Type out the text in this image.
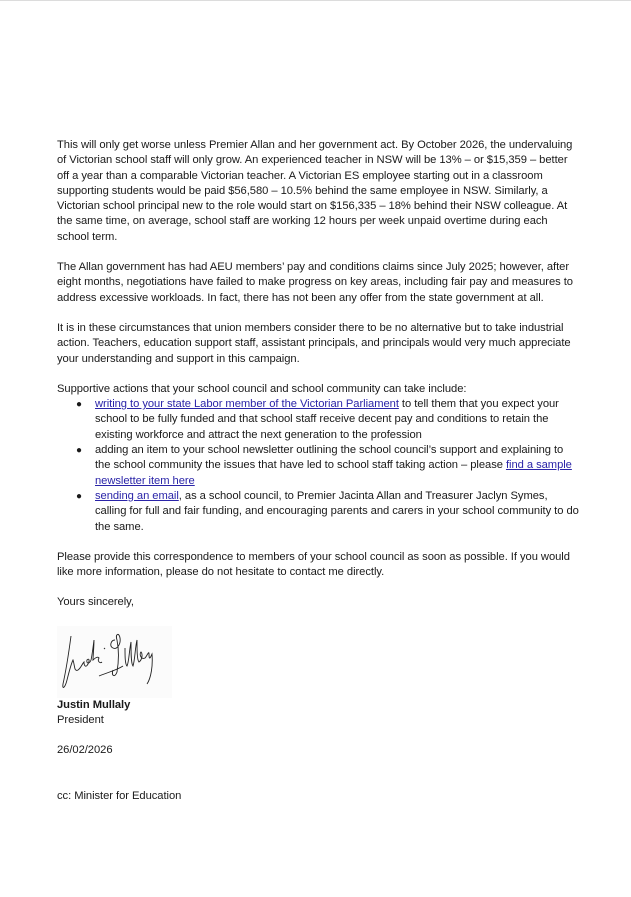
This will only get worse unless Premier Allan and her government act. By October 2026, the undervaluing of Victorian school staff will only grow. An experienced teacher in NSW will be 13% – or $15,359 – better off a year than a comparable Victorian teacher. A Victorian ES employee starting out in a classroom supporting students would be paid $56,580 – 10.5% behind the same employee in NSW. Similarly, a Victorian school principal new to the role would start on $156,335 – 18% behind their NSW colleague. At the same time, on average, school staff are working 12 hours per week unpaid overtime during each school term.

The Allan government has had AEU members’ pay and conditions claims since July 2025; however, after eight months, negotiations have failed to make progress on key areas, including fair pay and measures to address excessive workloads. In fact, there has not been any offer from the state government at all.

It is in these circumstances that union members consider there to be no alternative but to take industrial action. Teachers, education support staff, assistant principals, and principals would very much appreciate your understanding and support in this campaign.

Supportive actions that your school council and school community can take include:

● writing to your state Labor member of the Victorian Parliament to tell them that you expect your school to be fully funded and that school staff receive decent pay and conditions to retain the existing workforce and attract the next generation to the profession
● adding an item to your school newsletter outlining the school council’s support and explaining to the school community the issues that have led to school staff taking action – please find a sample newsletter item here
● sending an email, as a school council, to Premier Jacinta Allan and Treasurer Jaclyn Symes, calling for full and fair funding, and encouraging parents and carers in your school community to do the same.

Please provide this correspondence to members of your school council as soon as possible. If you would like more information, please do not hesitate to contact me directly.

Yours sincerely,

Justin Mullaly

President

26/02/2026

cc: Minister for Education
